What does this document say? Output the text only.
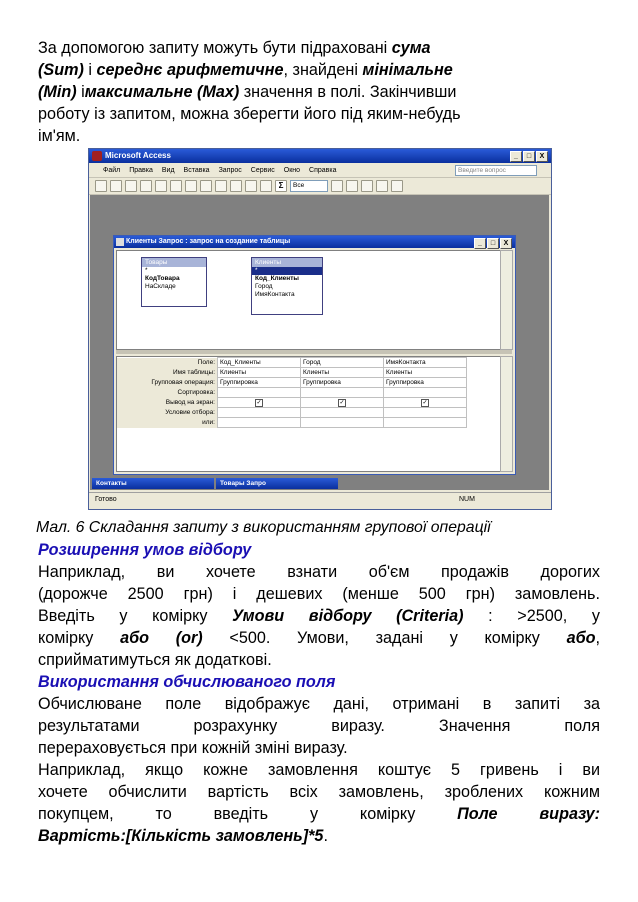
За допомогою запиту можуть бути підраховані сума
(Sum) і середнє арифметичне, знайдені мінімальне
(Min) імаксимальне (Max) значення в полі. Закінчивши
роботу із запитом, можна зберегти його під яким-небудь
ім'ям.
Microsoft Access	_	□	X
Файл Правка Вид Вставка Запрос Сервис Окно Справка	Введите вопрос
Σ	Все
Клиенты Запрос : запрос на создание таблицы	_	□	X
Товары
*
КодТовара
НаСкладе
Клиенты
*
Код_Клиенты
Город
ИмяКонтакта
Поле:	Код_Клиенты	Город	ИмяКонтакта
Имя таблицы:	Клиенты	Клиенты	Клиенты
Групповая операция:	Группировка	Группировка	Группировка
Сортировка:			
Вывод на экран:	✓	✓	✓
Условие отбора:			
или:			
Контакты	Товары Запро
Готово	NUM
Мал. 6 Складання запиту з використанням групової операції
Розширення умов відбору
Наприклад, ви хочете взнати об'єм продажів дорогих
(дорожче 2500 грн) і дешевих (менше 500 грн) замовлень.
Введіть у комірку Умови відбору (Criteria) : >2500, у
комірку або (or) <500. Умови, задані у комірку або,
сприйматимуться як додаткові.
Використання обчислюваного поля
Обчислюване поле відображує дані, отримані в запиті за
результатами розрахунку виразу. Значення поля
перераховується при кожній зміні виразу.
Наприклад, якщо кожне замовлення коштує 5 гривень і ви
хочете обчислити вартість всіх замовлень, зроблених кожним
покупцем, то введіть у комірку Поле виразу:
Вартість:[Кількість замовлень]*5.
